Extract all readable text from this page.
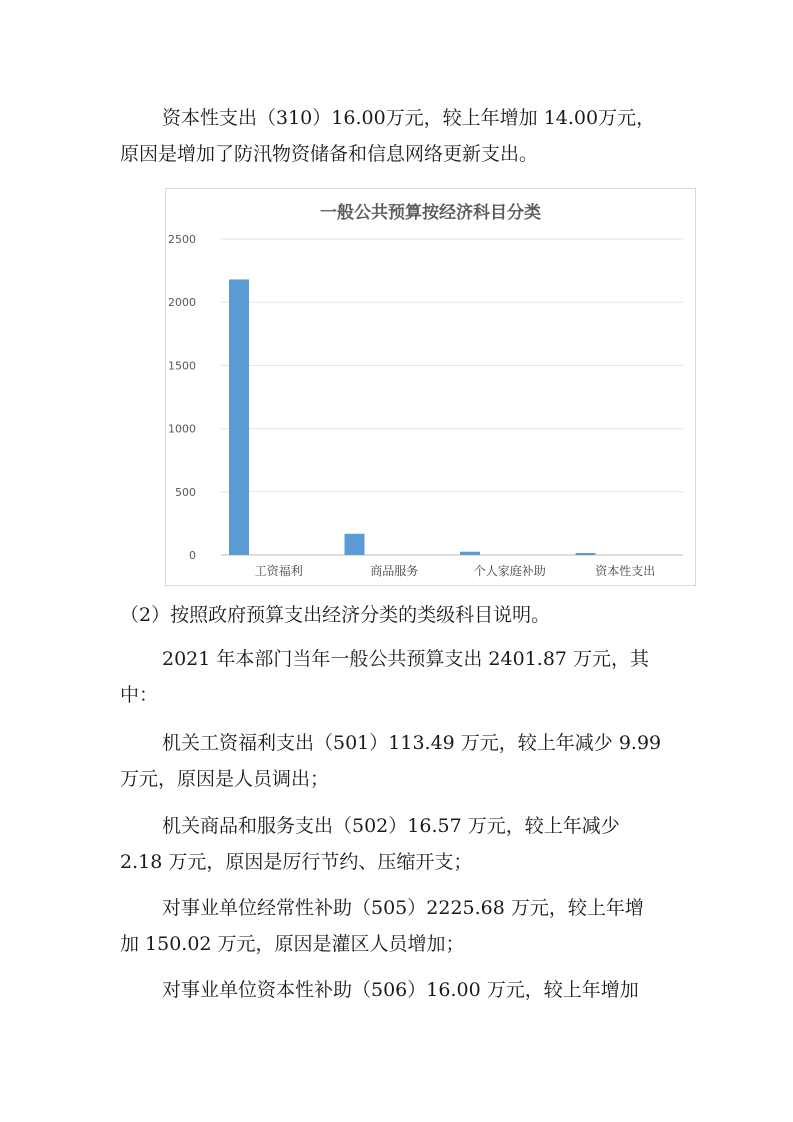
资本性支出（310）16.00万元，较上年增加 14.00万元，
原因是增加了防汛物资储备和信息网络更新支出。
一般公共预算按经济科目分类
0
500
1000
1500
2000
2500
工资福利	商品服务	个人家庭补助	资本性支出
（2）按照政府预算支出经济分类的类级科目说明。
2021 年本部门当年一般公共预算支出 2401.87 万元，其
中：
机关工资福利支出（501）113.49 万元，较上年减少 9.99
万元，原因是人员调出；
机关商品和服务支出（502）16.57 万元，较上年减少
2.18 万元，原因是厉行节约、压缩开支；
对事业单位经常性补助（505）2225.68 万元，较上年增
加 150.02 万元，原因是灌区人员增加；
对事业单位资本性补助（506）16.00 万元，较上年增加
